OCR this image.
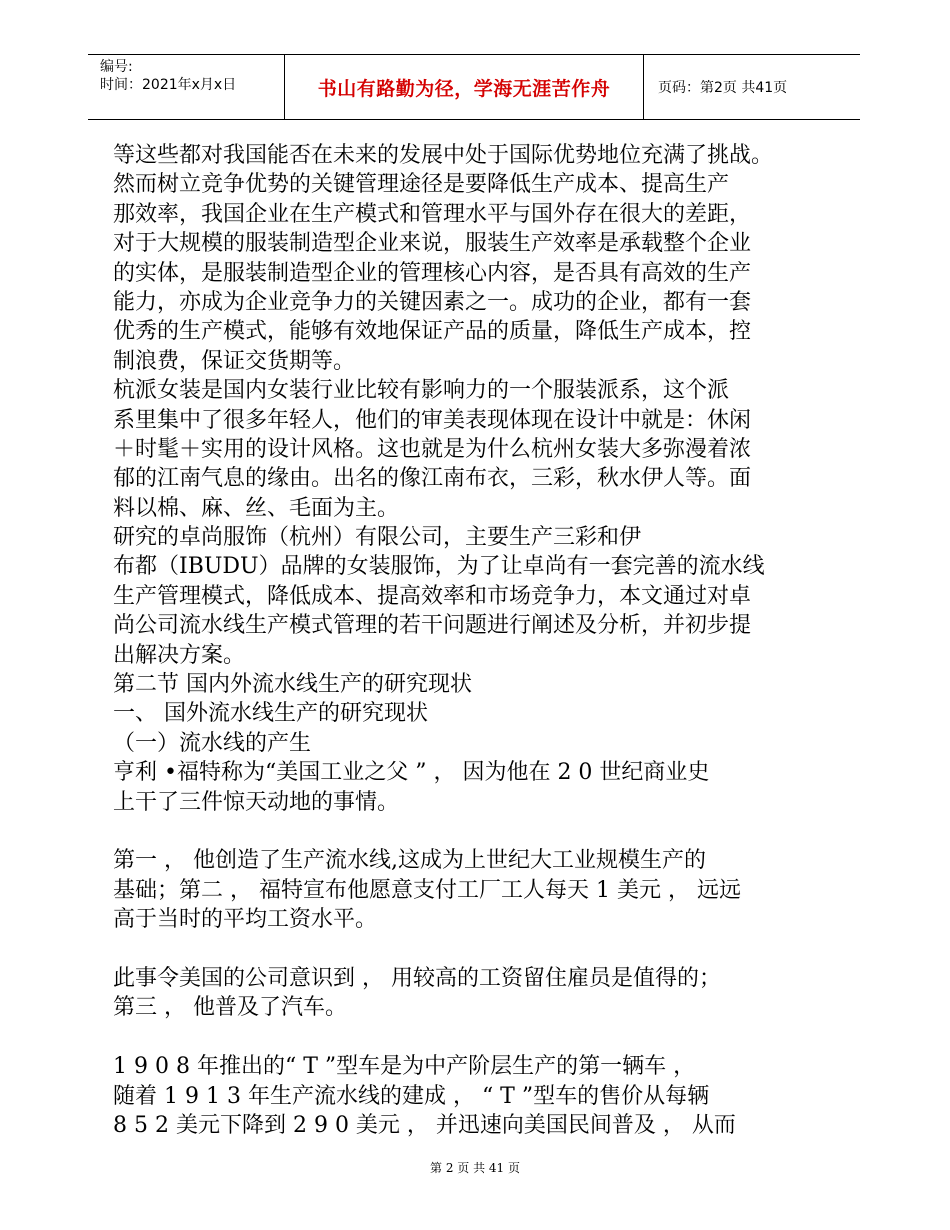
编号:
时间：2021年x月x日	书山有路勤为径，学海无涯苦作舟	页码：第2页 共41页
等这些都对我国能否在未来的发展中处于国际优势地位充满了挑战。
然而树立竞争优势的关键管理途径是要降低生产成本、提高生产
那效率，我国企业在生产模式和管理水平与国外存在很大的差距，
对于大规模的服装制造型企业来说，服装生产效率是承载整个企业
的实体，是服装制造型企业的管理核心内容，是否具有高效的生产
能力，亦成为企业竞争力的关键因素之一。成功的企业，都有一套
优秀的生产模式，能够有效地保证产品的质量，降低生产成本，控
制浪费，保证交货期等。
杭派女装是国内女装行业比较有影响力的一个服装派系，这个派
系里集中了很多年轻人，他们的审美表现体现在设计中就是：休闲
＋时髦＋实用的设计风格。这也就是为什么杭州女装大多弥漫着浓
郁的江南气息的缘由。出名的像江南布衣，三彩，秋水伊人等。面
料以棉、麻、丝、毛面为主。
研究的卓尚服饰（杭州）有限公司，主要生产三彩和伊
布都（IBUDU）品牌的女装服饰，为了让卓尚有一套完善的流水线
生产管理模式，降低成本、提高效率和市场竞争力，本文通过对卓
尚公司流水线生产模式管理的若干问题进行阐述及分析，并初步提
出解决方案。
第二节 国内外流水线生产的研究现状
一、 国外流水线生产的研究现状
（一）流水线的产生
亨利 •福特称为“美国工业之父 ” ， 因为他在 2 0 世纪商业史
上干了三件惊天动地的事情。
第一 ， 他创造了生产流水线,这成为上世纪大工业规模生产的
基础；第二 ， 福特宣布他愿意支付工厂工人每天 1 美元 ， 远远
高于当时的平均工资水平。
此事令美国的公司意识到 ， 用较高的工资留住雇员是值得的；
第三 ， 他普及了汽车。
1 9 0 8 年推出的“ T ”型车是为中产阶层生产的第一辆车 ，
随着 1 9 1 3 年生产流水线的建成 ， “ T ”型车的售价从每辆
8 5 2 美元下降到 2 9 0 美元 ， 并迅速向美国民间普及 ， 从而
第 2 页 共 41 页
